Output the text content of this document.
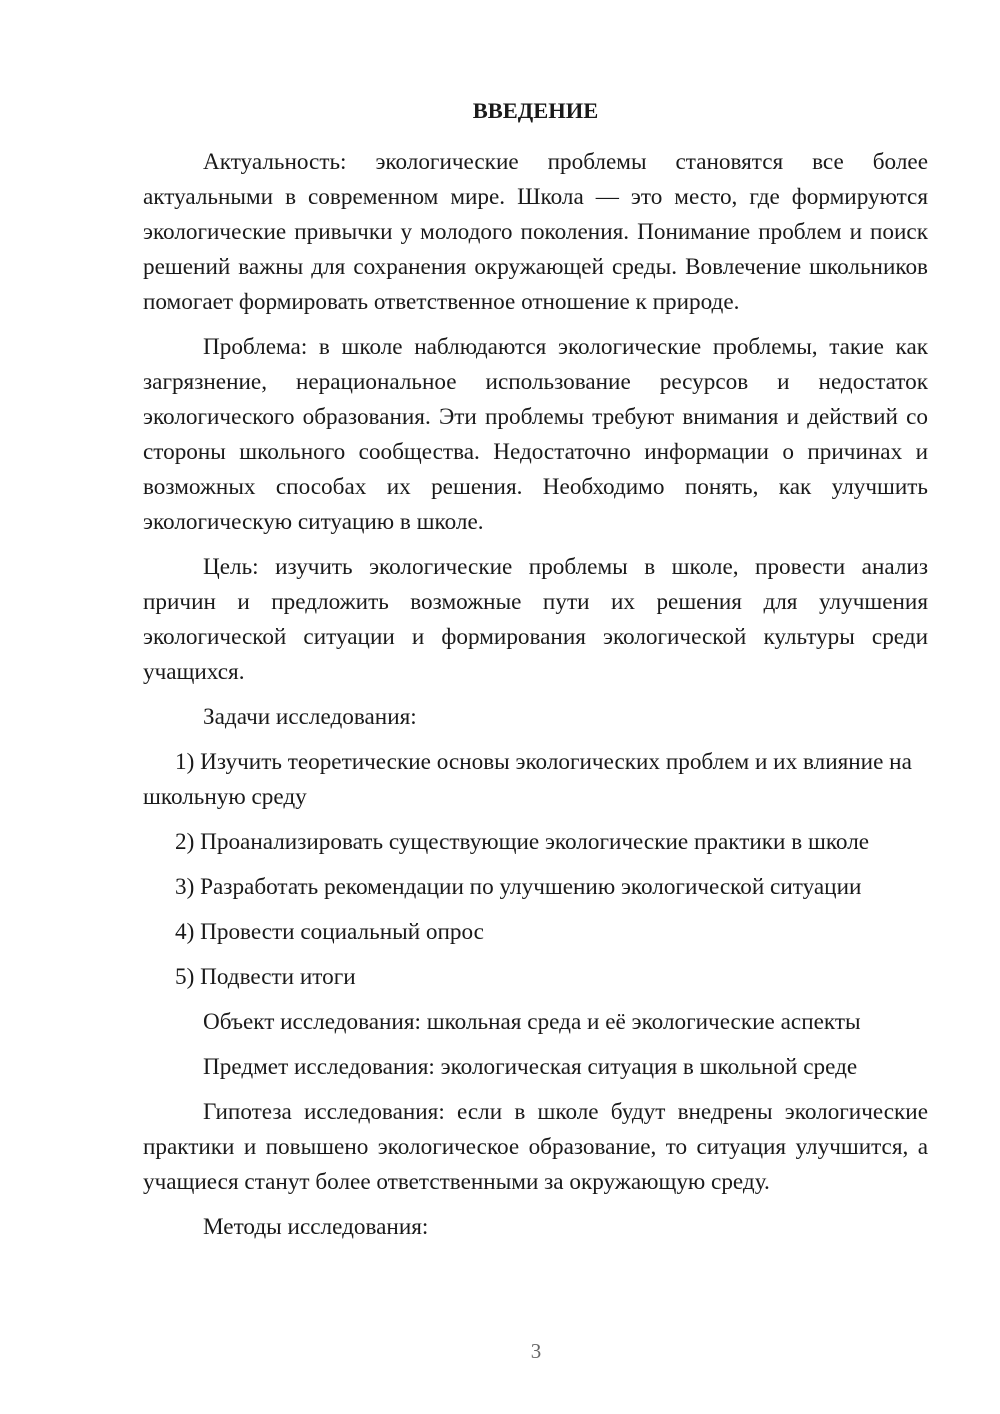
ВВЕДЕНИЕ

Актуальность: экологические проблемы становятся все более актуальными в современном мире. Школа — это место, где формируются экологические привычки у молодого поколения. Понимание проблем и поиск решений важны для сохранения окружающей среды. Вовлечение школьников помогает формировать ответственное отношение к природе.

Проблема: в школе наблюдаются экологические проблемы, такие как загрязнение, нерациональное использование ресурсов и недостаток экологического образования. Эти проблемы требуют внимания и действий со стороны школьного сообщества. Недостаточно информации о причинах и возможных способах их решения. Необходимо понять, как улучшить экологическую ситуацию в школе.

Цель: изучить экологические проблемы в школе, провести анализ причин и предложить возможные пути их решения для улучшения экологической ситуации и формирования экологической культуры среди учащихся.

Задачи исследования:

1) Изучить теоретические основы экологических проблем и их влияние на школьную среду

2) Проанализировать существующие экологические практики в школе

3) Разработать рекомендации по улучшению экологической ситуации

4) Провести социальный опрос

5) Подвести итоги

Объект исследования: школьная среда и её экологические аспекты

Предмет исследования: экологическая ситуация в школьной среде

Гипотеза исследования: если в школе будут внедрены экологические практики и повышено экологическое образование, то ситуация улучшится, а учащиеся станут более ответственными за окружающую среду.

Методы исследования:

3
